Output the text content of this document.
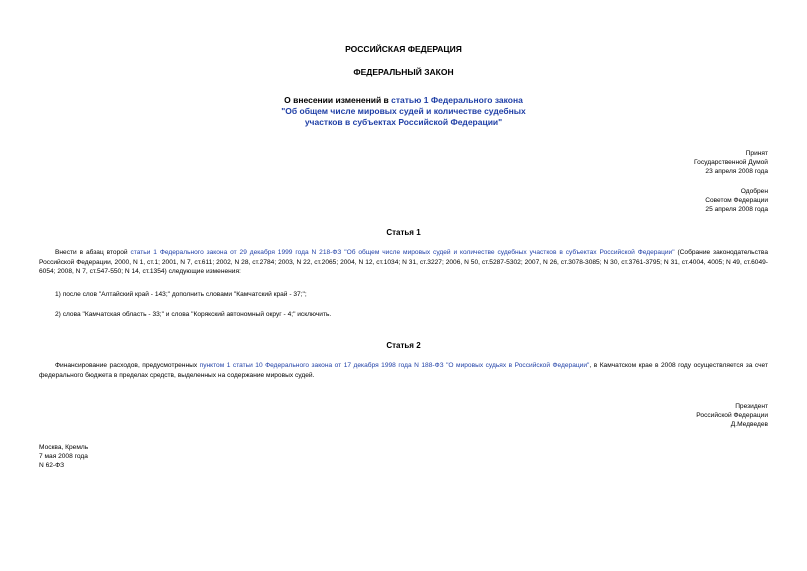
РОССИЙСКАЯ ФЕДЕРАЦИЯ
ФЕДЕРАЛЬНЫЙ ЗАКОН
О внесении изменений в статью 1 Федерального закона
"Об общем числе мировых судей и количестве судебных
участков в субъектах Российской Федерации"
Принят
Государственной Думой
23 апреля 2008 года
Одобрен
Советом Федерации
25 апреля 2008 года
Статья 1
Внести в абзац второй статьи 1 Федерального закона от 29 декабря 1999 года N 218-ФЗ "Об общем числе мировых судей и количестве судебных участков в субъектах Российской Федерации" (Собрание законодательства Российской Федерации, 2000, N 1, ст.1; 2001, N 7, ст.611; 2002, N 28, ст.2784; 2003, N 22, ст.2065; 2004, N 12, ст.1034; N 31, ст.3227; 2006, N 50, ст.5287-5302; 2007, N 26, ст.3078-3085; N 30, ст.3761-3795; N 31, ст.4004, 4005; N 49, ст.6049-6054; 2008, N 7, ст.547-550; N 14, ст.1354) следующие изменения:
1) после слов "Алтайский край - 143;" дополнить словами "Камчатский край - 37;";
2) слова "Камчатская область - 33;" и слова "Корякский автономный округ - 4;" исключить.
Статья 2
Финансирование расходов, предусмотренных пунктом 1 статьи 10 Федерального закона от 17 декабря 1998 года N 188-ФЗ "О мировых судьях в Российской Федерации", в Камчатском крае в 2008 году осуществляется за счет федерального бюджета в пределах средств, выделенных на содержание мировых судей.
Президент
Российской Федерации
Д.Медведев
Москва, Кремль
7 мая 2008 года
N 62-ФЗ
